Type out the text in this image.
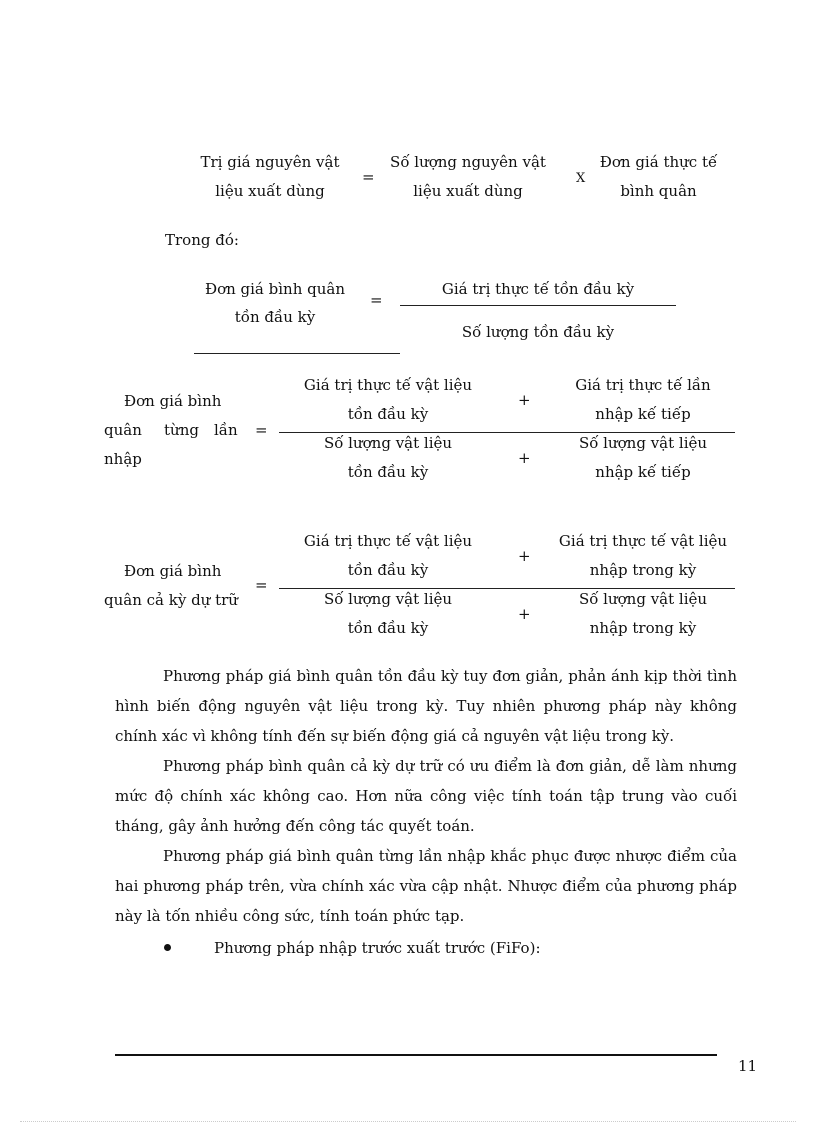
Trị giá nguyên vật
liệu xuất dùng
=
Số lượng nguyên vật
liệu xuất dùng
X
Đơn giá thực tế
bình quân
Trong đó:
Đơn giá bình quân
tồn đầu kỳ
=
Giá trị thực tế tồn đầu kỳ
Số lượng tồn đầu kỳ
Đơn giá bình
quân từng lần
nhập
=
Giá trị thực tế vật liệu
tồn đầu kỳ
+
Giá trị thực tế lần
nhập kế tiếp
Số lượng vật liệu
tồn đầu kỳ
+
Số lượng vật liệu
nhập kế tiếp
Đơn giá bình
quân cả kỳ dự trữ
=
Giá trị thực tế vật liệu
tồn đầu kỳ
+
Giá trị thực tế vật liệu
nhập trong kỳ
Số lượng vật liệu
tồn đầu kỳ
+
Số lượng vật liệu
nhập trong kỳ
Phương pháp giá bình quân tồn đầu kỳ tuy đơn giản, phản ánh kịp thời tình hình biến động nguyên vật liệu trong kỳ. Tuy nhiên phương pháp này không chính xác vì không tính đến sự biến động giá cả nguyên vật liệu trong kỳ.
Phương pháp bình quân cả kỳ dự trữ có ưu điểm là đơn giản, dễ làm nhưng mức độ chính xác không cao. Hơn nữa công việc tính toán tập trung vào cuối tháng, gây ảnh hưởng đến công tác quyết toán.
Phương pháp giá bình quân từng lần nhập khắc phục được nhược điểm của hai phương pháp trên, vừa chính xác vừa cập nhật. Nhược điểm của phương pháp này là tốn nhiều công sức, tính toán phức tạp.
Phương pháp nhập trước xuất trước (FiFo):
11
